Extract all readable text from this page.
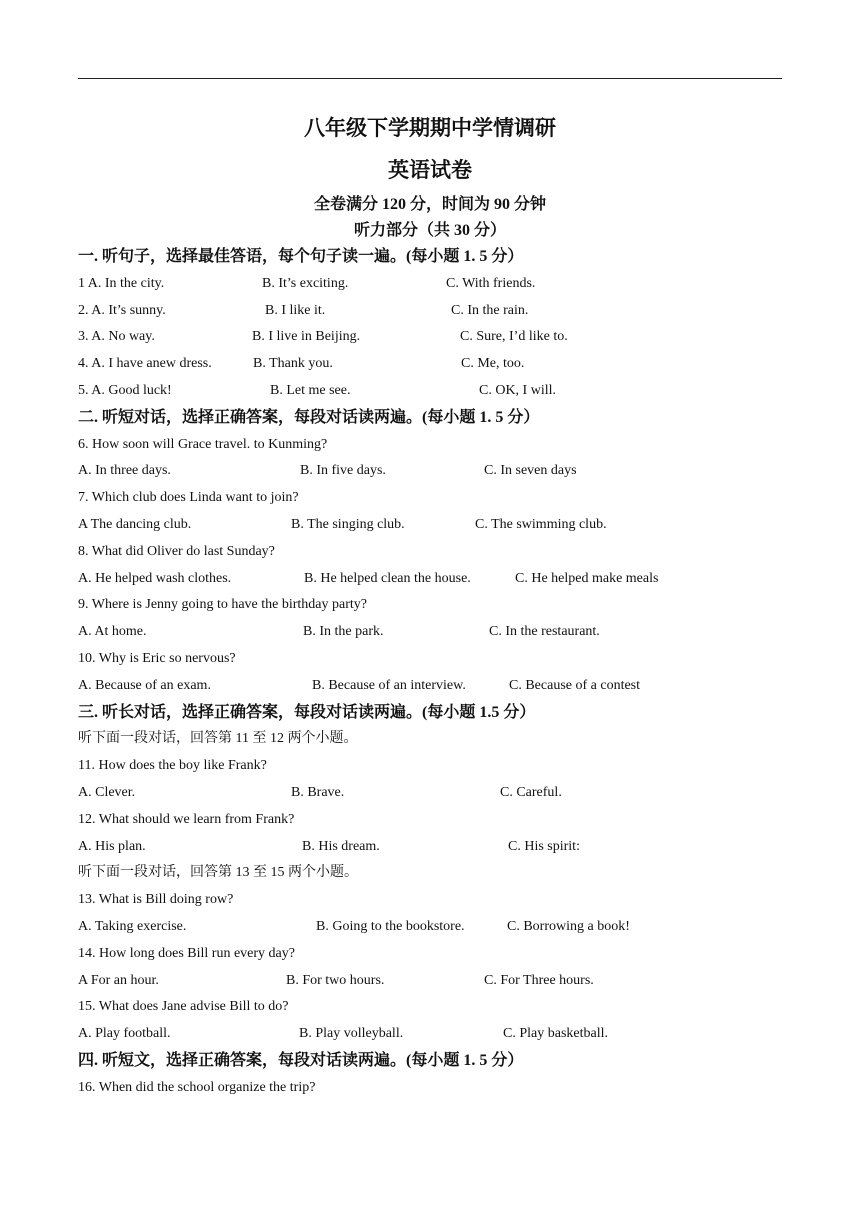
八年级下学期期中学情调研
英语试卷
全卷满分 120 分，时间为 90 分钟
听力部分（共 30 分）
一. 听句子，选择最佳答语，每个句子读一遍。(每小题 1. 5 分）
1 A. In the city.	B. It’s exciting.	C. With friends.
2. A. It’s sunny.	B. I like it.	C. In the rain.
3. A. No way.	B. I live in Beijing.	C. Sure, I’d like to.
4. A. I have anew dress.	B. Thank you.	C. Me, too.
5. A. Good luck!	B. Let me see.	C. OK, I will.
二. 听短对话，选择正确答案，每段对话读两遍。(每小题 1. 5 分）
6. How soon will Grace travel. to Kunming?
A. In three days.	B. In five days.	C. In seven days
7. Which club does Linda want to join?
A The dancing club.	B. The singing club.	C. The swimming club.
8. What did Oliver do last Sunday?
A. He helped wash clothes.	B. He helped clean the house.	C. He helped make meals
9. Where is Jenny going to have the birthday party?
A. At home.	B. In the park.	C. In the restaurant.
10. Why is Eric so nervous?
A. Because of an exam.	B. Because of an interview.	C. Because of a contest
三. 听长对话，选择正确答案，每段对话读两遍。(每小题 1.5 分）
听下面一段对话，回答第 11 至 12 两个小题。
11. How does the boy like Frank?
A. Clever.	B. Brave.	C. Careful.
12. What should we learn from Frank?
A. His plan.	B. His dream.	C. His spirit:
听下面一段对话，回答第 13 至 15 两个小题。
13. What is Bill doing row?
A. Taking exercise.	B. Going to the bookstore.	C. Borrowing a book!
14. How long does Bill run every day?
A For an hour.	B. For two hours.	C. For Three hours.
15. What does Jane advise Bill to do?
A. Play football.	B. Play volleyball.	C. Play basketball.
四. 听短文，选择正确答案，每段对话读两遍。(每小题 1. 5 分）
16. When did the school organize the trip?
